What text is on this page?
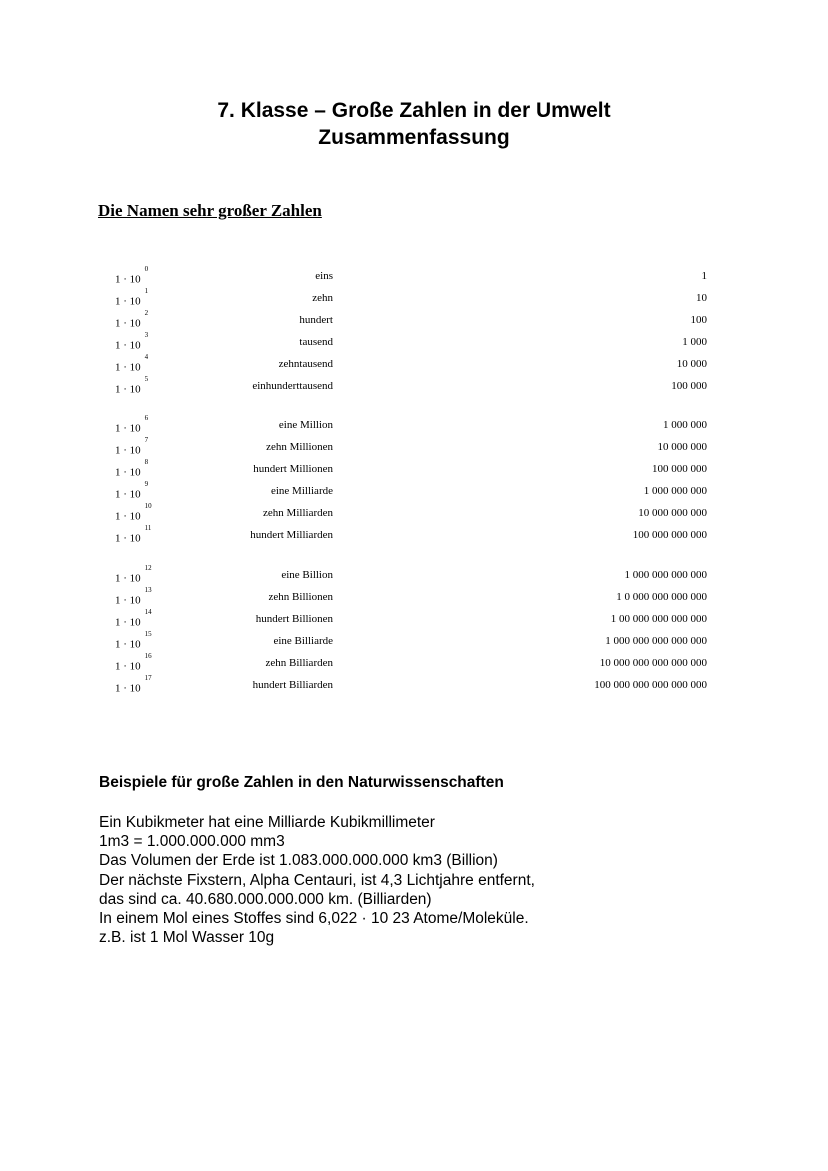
7. Klasse – Große Zahlen in der Umwelt
Zusammenfassung
Die Namen sehr großer Zahlen
$1 \cdot 10^0$
eins	1
$1 \cdot 10^1$
zehn	10
$1 \cdot 10^2$
hundert	100
$1 \cdot 10^3$
tausend	1 000
$1 \cdot 10^4$
zehntausend	10 000
$1 \cdot 10^5$
einhunderttausend	100 000
$1 \cdot 10^6$
eine Million	1 000 000
$1 \cdot 10^7$
zehn Millionen	10 000 000
$1 \cdot 10^8$
hundert Millionen	100 000 000
$1 \cdot 10^9$
eine Milliarde	1 000 000 000
$1 \cdot 10^{10}$
zehn Milliarden	10 000 000 000
$1 \cdot 10^{11}$
hundert Milliarden	100 000 000 000
$1 \cdot 10^{12}$
eine Billion	1 000 000 000 000
$1 \cdot 10^{13}$
zehn Billionen	1 0 000 000 000 000
$1 \cdot 10^{14}$
hundert Billionen	1 00 000 000 000 000
$1 \cdot 10^{15}$
eine Billiarde	1 000 000 000 000 000
$1 \cdot 10^{16}$
zehn Billiarden	10 000 000 000 000 000
$1 \cdot 10^{17}$
hundert Billiarden	100 000 000 000 000 000
Beispiele für große Zahlen in den Naturwissenschaften
Ein Kubikmeter hat eine Milliarde Kubikmillimeter
1m3 = 1.000.000.000 mm3
Das Volumen der Erde ist 1.083.000.000.000 km3 (Billion)
Der nächste Fixstern, Alpha Centauri, ist 4,3 Lichtjahre entfernt,
das sind ca. 40.680.000.000.000 km. (Billiarden)
In einem Mol eines Stoffes sind 6,022 · 10 23 Atome/Moleküle.
z.B. ist 1 Mol Wasser 10g
